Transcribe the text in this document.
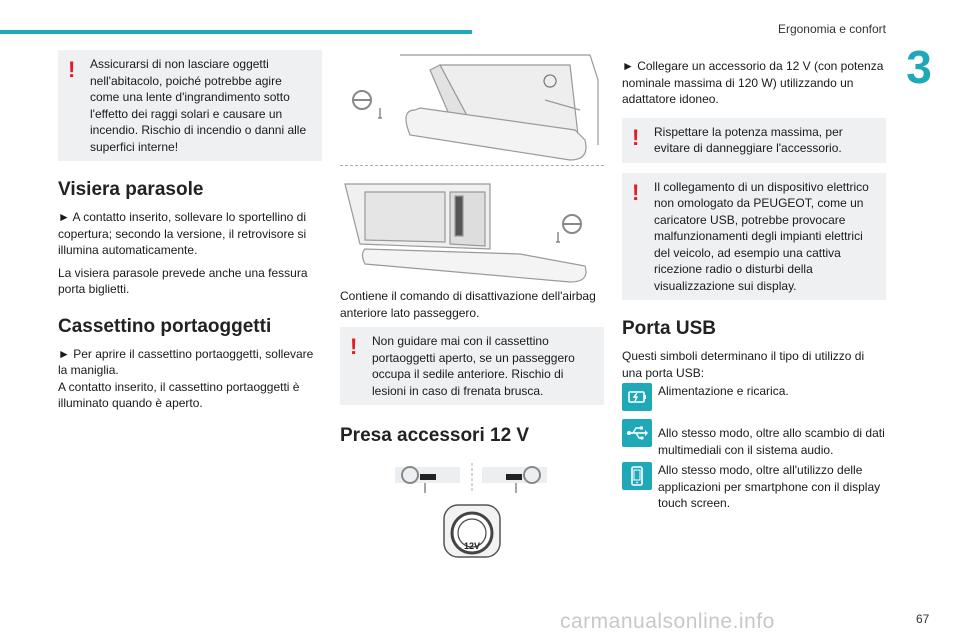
Ergonomia e confort
3
!	Assicurarsi di non lasciare oggetti nell'abitacolo, poiché potrebbe agire come una lente d'ingrandimento sotto l'effetto dei raggi solari e causare un incendio. Rischio di incendio o danni alle superfici interne!
Visiera parasole

► A contatto inserito, sollevare lo sportellino di copertura; secondo la versione, il retrovisore si illumina automaticamente.

La visiera parasole prevede anche una fessura porta biglietti.

Cassettino portaoggetti

► Per aprire il cassettino portaoggetti, sollevare la maniglia.

A contatto inserito, il cassettino portaoggetti è illuminato quando è aperto.

Contiene il comando di disattivazione dell'airbag anteriore lato passeggero.

!	Non guidare mai con il cassettino portaoggetti aperto, se un passeggero occupa il sedile anteriore. Rischio di lesioni in caso di frenata brusca.
Presa accessori 12 V
12V

► Collegare un accessorio da 12 V (con potenza nominale massima di 120 W) utilizzando un adattatore idoneo.

!	Rispettare la potenza massima, per evitare di danneggiare l'accessorio.
!	Il collegamento di un dispositivo elettrico non omologato da PEUGEOT, come un caricatore USB, potrebbe provocare malfunzionamenti degli impianti elettrici del veicolo, ad esempio una cattiva ricezione radio o disturbi della visualizzazione sui display.
Porta USB

Questi simboli determinano il tipo di utilizzo di una porta USB:

Alimentazione e ricarica.
Allo stesso modo, oltre allo scambio di dati multimediali con il sistema audio.
Allo stesso modo, oltre all'utilizzo delle applicazioni per smartphone con il display touch screen.
carmanualsonline.info	67
